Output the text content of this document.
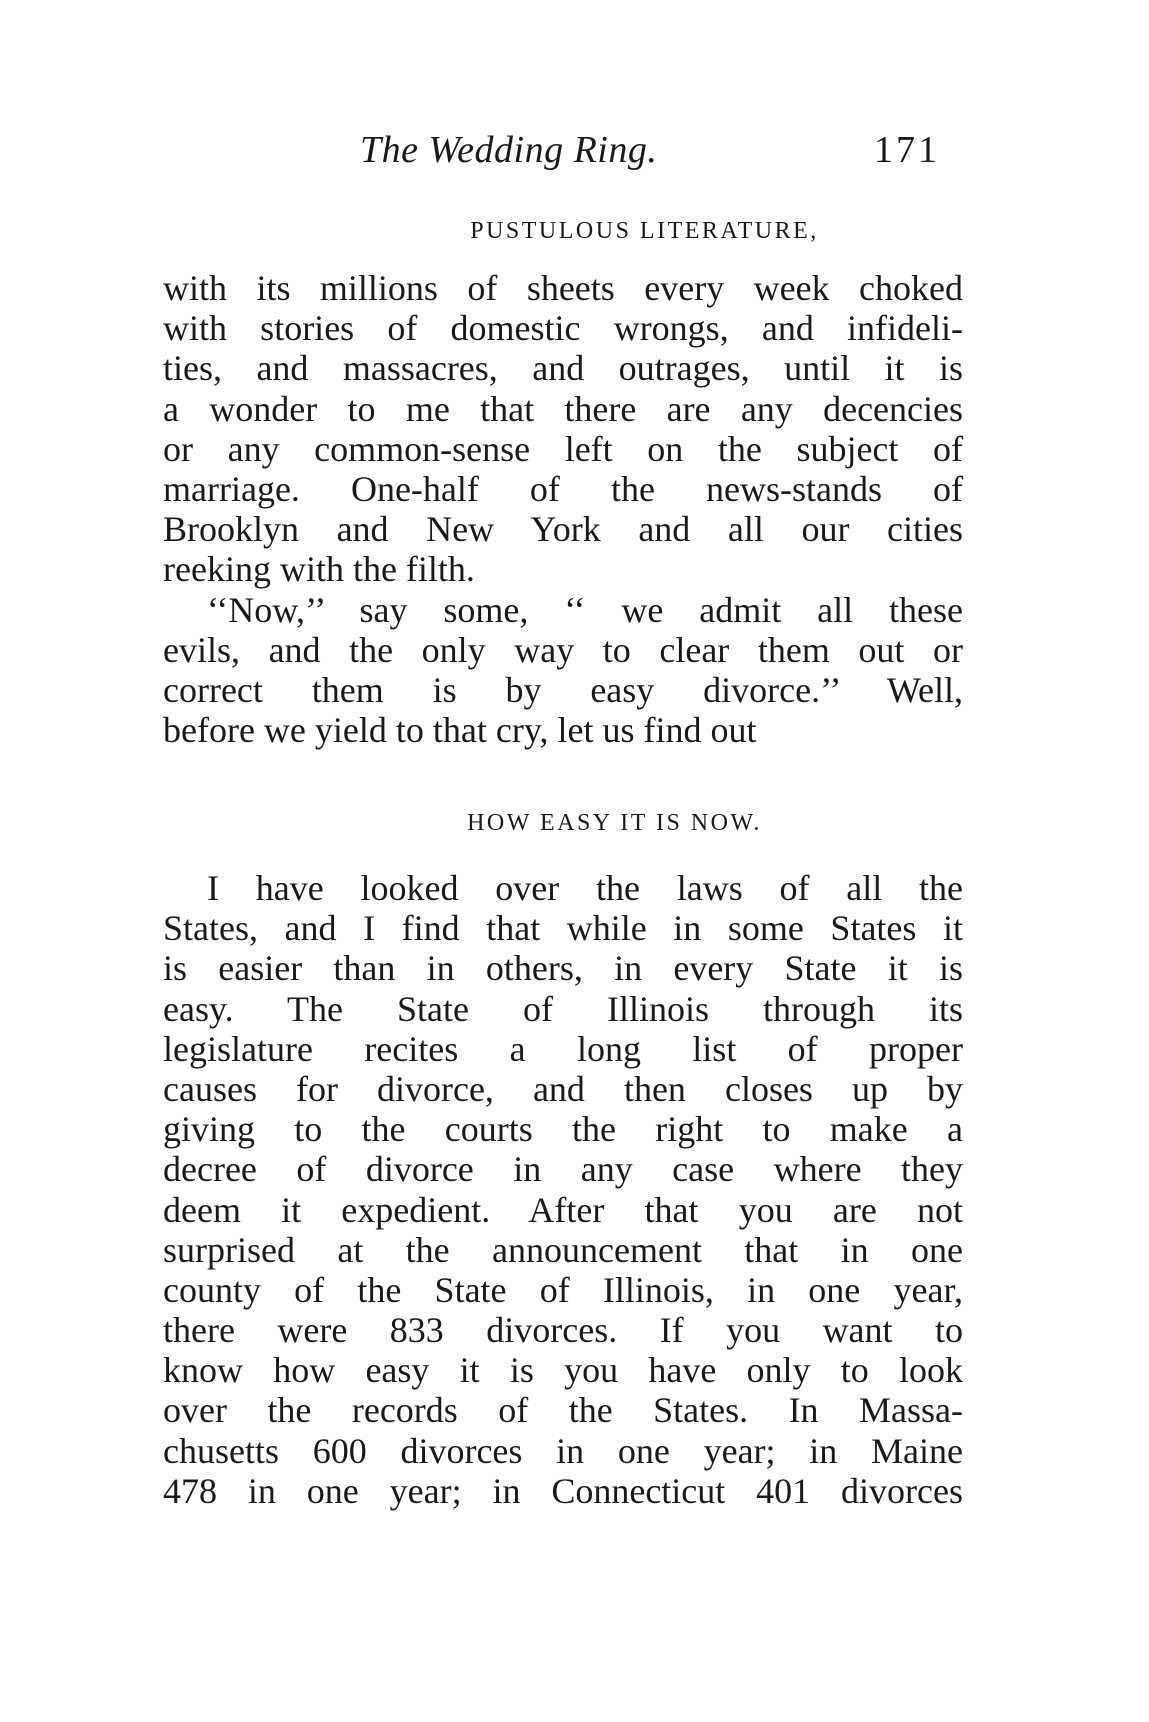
The Wedding Ring.	171
PUSTULOUS LITERATURE,
with its millions of sheets every week choked
with stories of domestic wrongs, and infideli-
ties, and massacres, and outrages, until it is
a wonder to me that there are any decencies
or any common-sense left on the subject of
marriage. One-half of the news-stands of
Brooklyn and New York and all our cities
reeking with the filth.
‘‘Now,’’ say some, ‘‘ we admit all these
evils, and the only way to clear them out or
correct them is by easy divorce.’’ Well,
before we yield to that cry, let us find out
HOW EASY IT IS NOW.
I have looked over the laws of all the
States, and I find that while in some States it
is easier than in others, in every State it is
easy. The State of Illinois through its
legislature recites a long list of proper
causes for divorce, and then closes up by
giving to the courts the right to make a
decree of divorce in any case where they
deem it expedient. After that you are not
surprised at the announcement that in one
county of the State of Illinois, in one year,
there were 833 divorces. If you want to
know how easy it is you have only to look
over the records of the States. In Massa-
chusetts 600 divorces in one year; in Maine
478 in one year; in Connecticut 401 divorces
